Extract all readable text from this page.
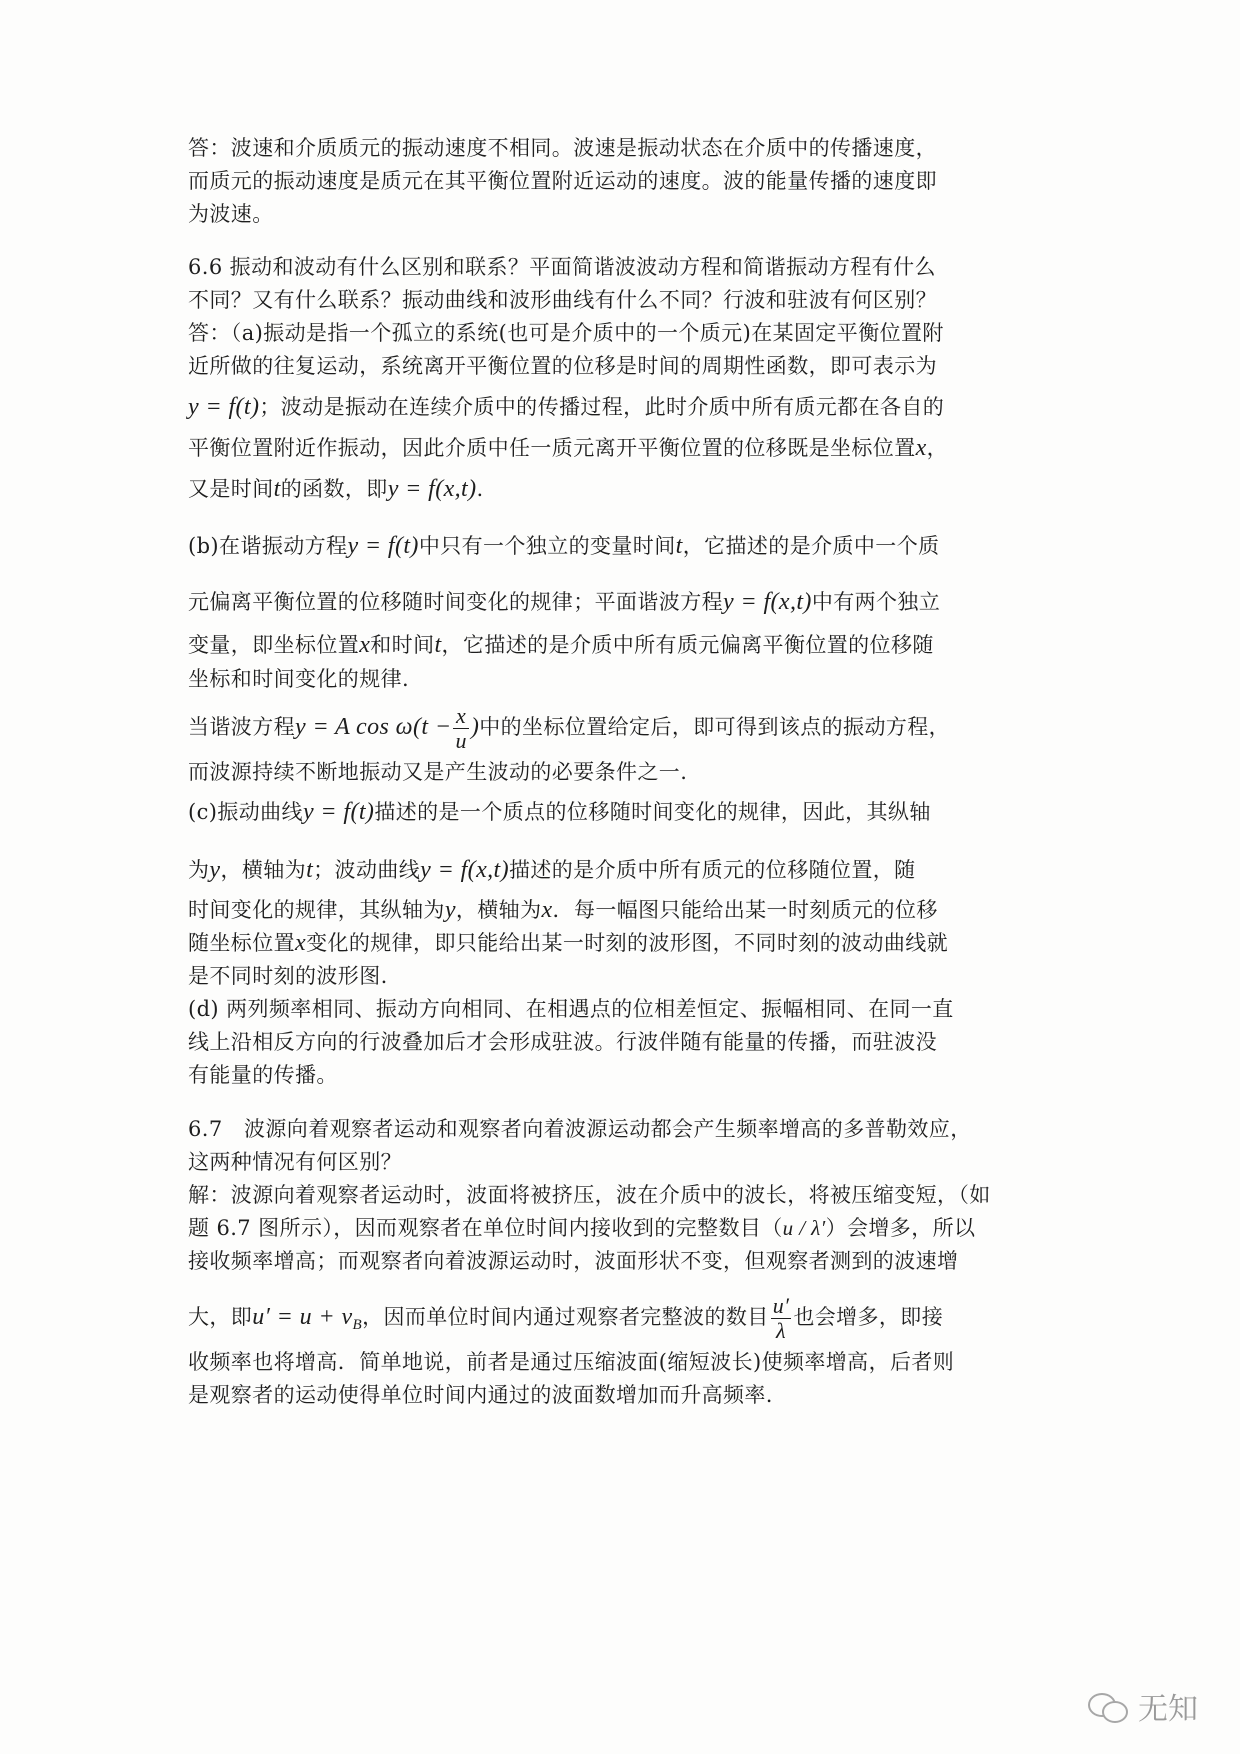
答：波速和介质质元的振动速度不相同。波速是振动状态在介质中的传播速度，
而质元的振动速度是质元在其平衡位置附近运动的速度。波的能量传播的速度即
为波速。
6.6 振动和波动有什么区别和联系？平面简谐波波动方程和简谐振动方程有什么
不同？又有什么联系？振动曲线和波形曲线有什么不同？行波和驻波有何区别？
答：（a)振动是指一个孤立的系统(也可是介质中的一个质元)在某固定平衡位置附
近所做的往复运动，系统离开平衡位置的位移是时间的周期性函数，即可表示为
y = f(t)；波动是振动在连续介质中的传播过程，此时介质中所有质元都在各自的
平衡位置附近作振动，因此介质中任一质元离开平衡位置的位移既是坐标位置x，
又是时间t的函数，即y = f(x,t).
(b)在谐振动方程y = f(t)中只有一个独立的变量时间t，它描述的是介质中一个质
元偏离平衡位置的位移随时间变化的规律；平面谐波方程y = f(x,t)中有两个独立
变量，即坐标位置x和时间t，它描述的是介质中所有质元偏离平衡位置的位移随
坐标和时间变化的规律.
当谐波方程y = A $\cos \omega(t - \frac{x}{u}$ )中的坐标位置给定后，即可得到该点的振动方程，
而波源持续不断地振动又是产生波动的必要条件之一.
(c)振动曲线y = f(t)描述的是一个质点的位移随时间变化的规律，因此，其纵轴
为y，横轴为t；波动曲线y = f(x,t)描述的是介质中所有质元的位移随位置，随
时间变化的规律，其纵轴为y，横轴为x．每一幅图只能给出某一时刻质元的位移
随坐标位置x变化的规律，即只能给出某一时刻的波形图，不同时刻的波动曲线就
是不同时刻的波形图.
(d) 两列频率相同、振动方向相同、在相遇点的位相差恒定、振幅相同、在同一直
线上沿相反方向的行波叠加后才会形成驻波。行波伴随有能量的传播，而驻波没
有能量的传播。
6.7　波源向着观察者运动和观察者向着波源运动都会产生频率增高的多普勒效应，
这两种情况有何区别？
解：波源向着观察者运动时，波面将被挤压，波在介质中的波长，将被压缩变短，（如
题 6.7 图所示），因而观察者在单位时间内接收到的完整数目（u / λ′）会增多，所以
接收频率增高；而观察者向着波源运动时，波面形状不变，但观察者测到的波速增
大，即$u' = u + v_B$，因而单位时间内通过观察者完整波的数目 $\frac{u'}{\lambda}$ 也会增多，即接
收频率也将增高．简单地说，前者是通过压缩波面(缩短波长)使频率增高，后者则
是观察者的运动使得单位时间内通过的波面数增加而升高频率.
无知
